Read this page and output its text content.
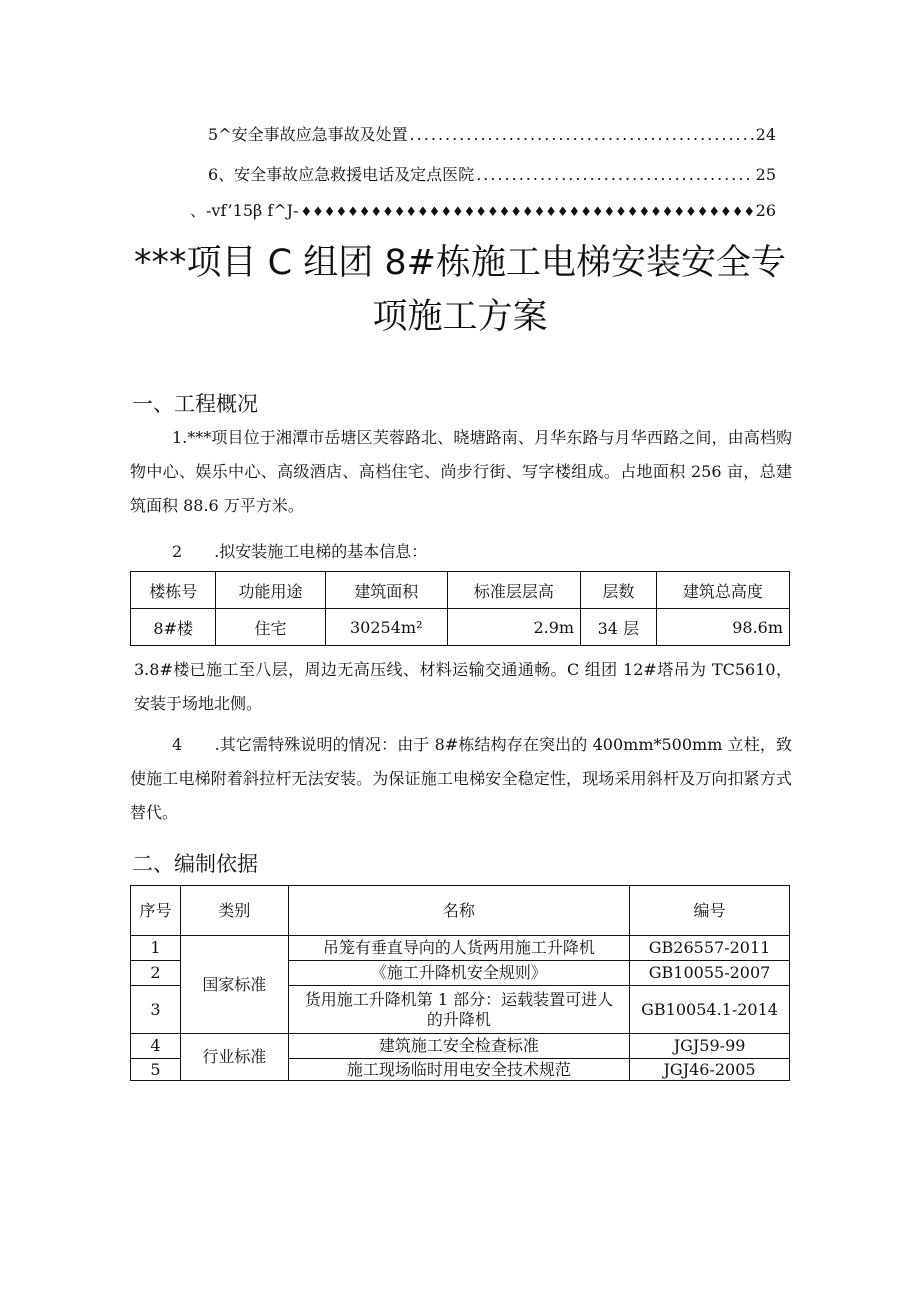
5^安全事故应急事故及处置 .....	24
6、安全事故应急救援电话及定点医院 .....	25
、-vf’15β f^J- ♦♦♦♦♦♦♦♦♦♦♦♦♦♦♦♦♦♦♦♦♦♦♦♦♦♦♦♦♦♦♦♦♦♦♦♦♦♦♦♦♦♦♦♦♦♦♦♦♦♦♦♦♦♦♦♦	26
***项目 C 组团 8#栋施工电梯安装安全专
项施工方案
一、工程概况
1.***项目位于湘潭市岳塘区芙蓉路北、晓塘路南、月华东路与月华西路之间，由高档购物中心、娱乐中心、高级酒店、高档住宅、尚步行街、写字楼组成。占地面积 256 亩，总建筑面积 88.6 万平方米。
2　　.拟安装施工电梯的基本信息：
楼栋号	功能用途	建筑面积	标准层层高	层数	建筑总高度
8#楼	住宅	30254m²	2.9m	34 层	98.6m
3.8#楼已施工至八层，周边无高压线、材料运输交通通畅。C 组团 12#塔吊为 TC5610，安装于场地北侧。
4　　.其它需特殊说明的情况：由于 8#栋结构存在突出的 400mm*500mm 立柱，致使施工电梯附着斜拉杆无法安装。为保证施工电梯安全稳定性，现场采用斜杆及万向扣紧方式替代。
二、编制依据
序号	类别	名称	编号
1	国家标准	吊笼有垂直导向的人货两用施工升降机	GB26557-2011
2		《施工升降机安全规则》	GB10055-2007
3		货用施工升降机第 1 部分：运载装置可进人的升降机	GB10054.1-2014
4	行业标准	建筑施工安全检查标准	JGJ59-99
5		施工现场临时用电安全技术规范	JGJ46-2005
